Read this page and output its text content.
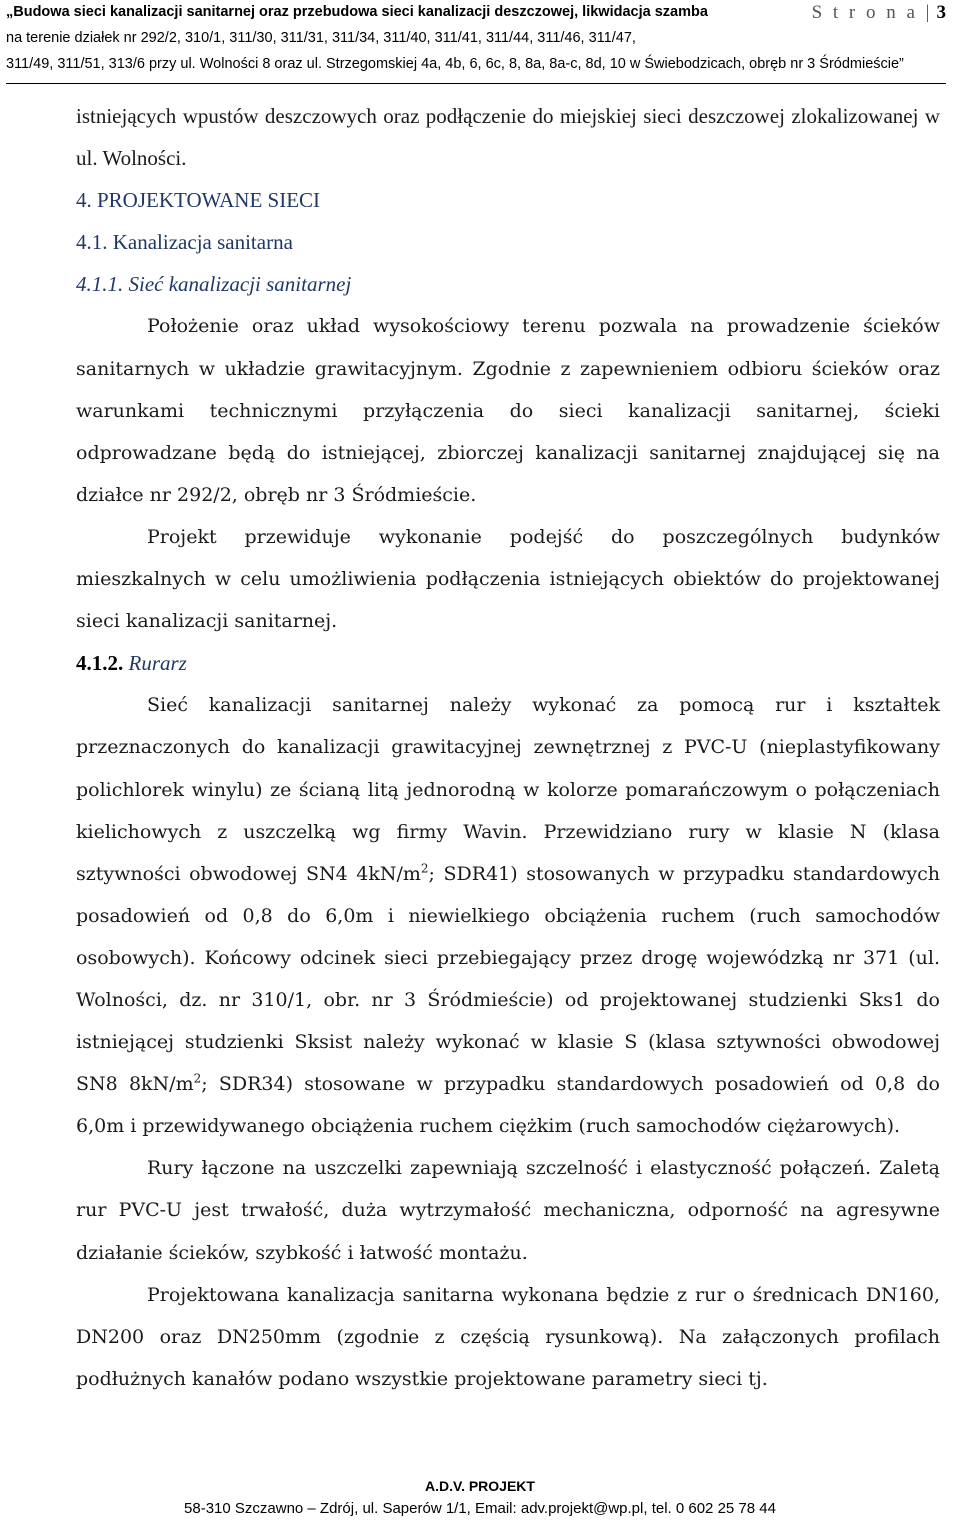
„Budowa sieci kanalizacji sanitarnej oraz przebudowa sieci kanalizacji deszczowej, likwidacja szamba
na terenie działek nr 292/2, 310/1, 311/30, 311/31, 311/34, 311/40, 311/41, 311/44, 311/46, 311/47,
311/49, 311/51, 313/6 przy ul. Wolności 8 oraz ul. Strzegomskiej 4a, 4b, 6, 6c, 8, 8a, 8a-c, 8d, 10 w Świebodzicach, obręb nr 3 Śródmieście”
S t r o n a | 3

istniejących wpustów deszczowych oraz podłączenie do miejskiej sieci deszczowej zlokalizowanej w ul. Wolności.

4. PROJEKTOWANE SIECI

4.1. Kanalizacja sanitarna

4.1.1. Sieć kanalizacji sanitarnej

Położenie oraz układ wysokościowy terenu pozwala na prowadzenie ścieków sanitarnych w układzie grawitacyjnym. Zgodnie z zapewnieniem odbioru ścieków oraz warunkami technicznymi przyłączenia do sieci kanalizacji sanitarnej, ścieki odprowadzane będą do istniejącej, zbiorczej kanalizacji sanitarnej znajdującej się na działce nr 292/2, obręb nr 3 Śródmieście.

Projekt przewiduje wykonanie podejść do poszczególnych budynków mieszkalnych w celu umożliwienia podłączenia istniejących obiektów do projektowanej sieci kanalizacji sanitarnej.

4.1.2. Rurarz

Sieć kanalizacji sanitarnej należy wykonać za pomocą rur i kształtek przeznaczonych do kanalizacji grawitacyjnej zewnętrznej z PVC-U (nieplastyfikowany polichlorek winylu) ze ścianą litą jednorodną w kolorze pomarańczowym o połączeniach kielichowych z uszczelką wg firmy Wavin. Przewidziano rury w klasie N (klasa sztywności obwodowej SN4 $4kN/m^2$; SDR41) stosowanych w przypadku standardowych posadowień od 0,8 do 6,0m i niewielkiego obciążenia ruchem (ruch samochodów osobowych). Końcowy odcinek sieci przebiegający przez drogę wojewódzką nr 371 (ul. Wolności, dz. nr 310/1, obr. nr 3 Śródmieście) od projektowanej studzienki Sks1 do istniejącej studzienki Sksist należy wykonać w klasie S (klasa sztywności obwodowej SN8 $8kN/m^2$; SDR34) stosowane w przypadku standardowych posadowień od 0,8 do 6,0m i przewidywanego obciążenia ruchem ciężkim (ruch samochodów ciężarowych).

Rury łączone na uszczelki zapewniają szczelność i elastyczność połączeń. Zaletą rur PVC-U jest trwałość, duża wytrzymałość mechaniczna, odporność na agresywne działanie ścieków, szybkość i łatwość montażu.

Projektowana kanalizacja sanitarna wykonana będzie z rur o średnicach DN160, DN200 oraz DN250mm (zgodnie z częścią rysunkową). Na załączonych profilach podłużnych kanałów podano wszystkie projektowane parametry sieci tj.

A.D.V. PROJEKT
58-310 Szczawno – Zdrój, ul. Saperów 1/1, Email: adv.projekt@wp.pl, tel. 0 602 25 78 44
